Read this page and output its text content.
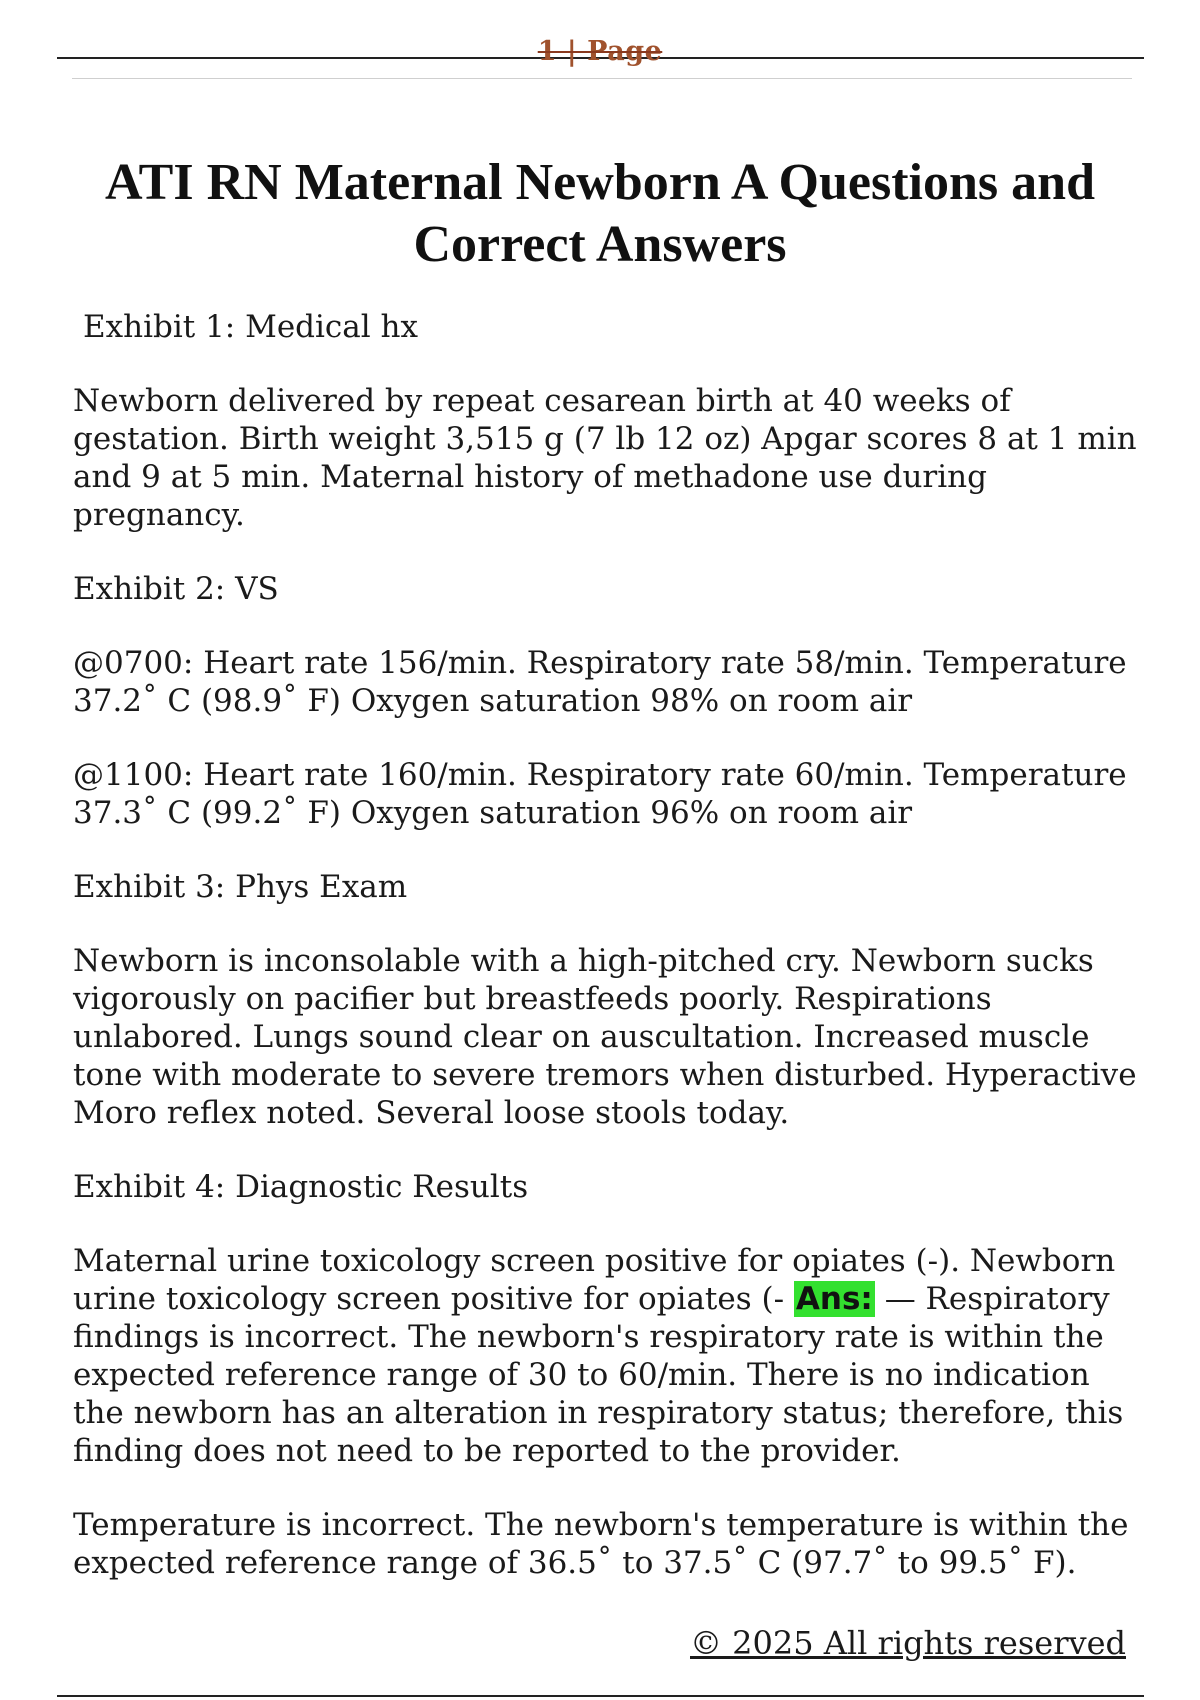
1 | Page
ATI RN Maternal Newborn A Questions and Correct Answers

Exhibit 1: Medical hx

Newborn delivered by repeat cesarean birth at 40 weeks of gestation. Birth weight 3,515 g (7 lb 12 oz) Apgar scores 8 at 1 min and 9 at 5 min. Maternal history of methadone use during pregnancy.

Exhibit 2: VS

@0700: Heart rate 156/min. Respiratory rate 58/min. Temperature 37.2˚ C (98.9˚ F) Oxygen saturation 98% on room air

@1100: Heart rate 160/min. Respiratory rate 60/min. Temperature 37.3˚ C (99.2˚ F) Oxygen saturation 96% on room air

Exhibit 3: Phys Exam

Newborn is inconsolable with a high-pitched cry. Newborn sucks vigorously on pacifier but breastfeeds poorly. Respirations unlabored. Lungs sound clear on auscultation. Increased muscle tone with moderate to severe tremors when disturbed. Hyperactive Moro reflex noted. Several loose stools today.

Exhibit 4: Diagnostic Results

Maternal urine toxicology screen positive for opiates (-). Newborn urine toxicology screen positive for opiates (- Ans: — Respiratory findings is incorrect. The newborn's respiratory rate is within the expected reference range of 30 to 60/min. There is no indication the newborn has an alteration in respiratory status; therefore, this finding does not need to be reported to the provider.

Temperature is incorrect. The newborn's temperature is within the expected reference range of 36.5˚ to 37.5˚ C (97.7˚ to 99.5˚ F).

© 2025 All rights reserved
